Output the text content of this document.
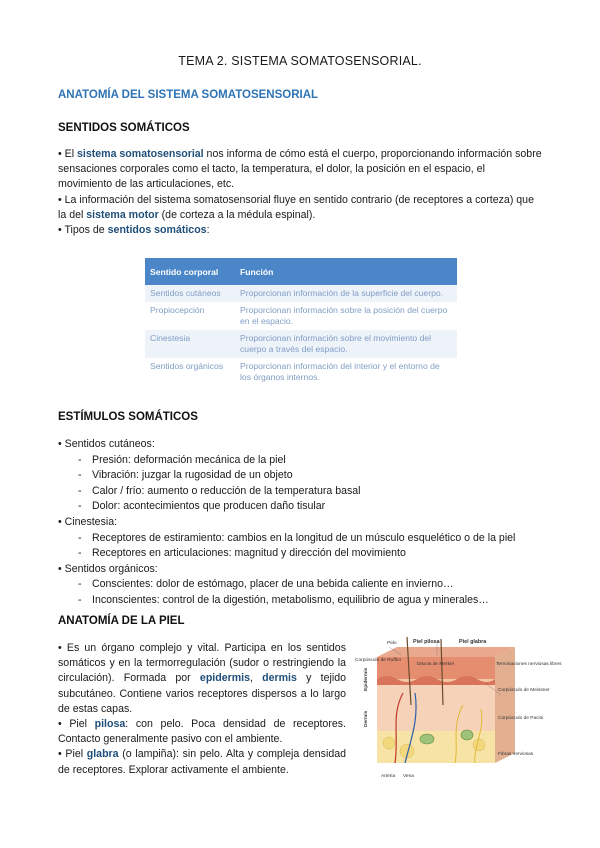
TEMA 2. SISTEMA SOMATOSENSORIAL.
ANATOMÍA DEL SISTEMA SOMATOSENSORIAL
SENTIDOS SOMÁTICOS

• El sistema somatosensorial nos informa de cómo está el cuerpo, proporcionando información sobre sensaciones corporales como el tacto, la temperatura, el dolor, la posición en el espacio, el movimiento de las articulaciones, etc.

• La información del sistema somatosensorial fluye en sentido contrario (de receptores a corteza) que la del sistema motor (de corteza a la médula espinal).

• Tipos de sentidos somáticos:

Sentido corporal	Función
Sentidos cutáneos	Proporcionan información de la superficie del cuerpo.
Propiocepción	Proporcionan información sobre la posición del cuerpo en el espacio.
Cinestesia	Proporcionan información sobre el movimiento del cuerpo a través del espacio.
Sentidos orgánicos	Proporcionan información del interior y el entorno de los órganos internos.
ESTÍMULOS SOMÁTICOS
• Sentidos cutáneos:
- Presión: deformación mecánica de la piel
- Vibración: juzgar la rugosidad de un objeto
- Calor / frío: aumento o reducción de la temperatura basal
- Dolor: acontecimientos que producen daño tisular
• Cinestesia:
- Receptores de estiramiento: cambios en la longitud de un músculo esquelético o de la piel
- Receptores en articulaciones: magnitud y dirección del movimiento
• Sentidos orgánicos:
- Conscientes: dolor de estómago, placer de una bebida caliente en invierno…
- Inconscientes: control de la digestión, metabolismo, equilibrio de agua y minerales…
ANATOMÍA DE LA PIEL

• Es un órgano complejo y vital. Participa en los sentidos somáticos y en la termorregulación (sudor o restringiendo la circulación). Formada por epidermis, dermis y tejido subcutáneo. Contiene varios receptores dispersos a lo largo de estas capas.

• Piel pilosa: con pelo. Poca densidad de receptores. Contacto generalmente pasivo con el ambiente.

• Piel glabra (o lampiña): sin pelo. Alta y compleja densidad de receptores. Explorar activamente el ambiente.

Pelo	Piel pilosa	Piel glabra
Corpúsculo de Ruffini
Discos de Merkel	Terminaciones nerviosas libres
Corpúsculo de Meissner
Corpúsculo de Pacini
Fibras nerviosas
Epidermis
Dermis
Arteria Vena
